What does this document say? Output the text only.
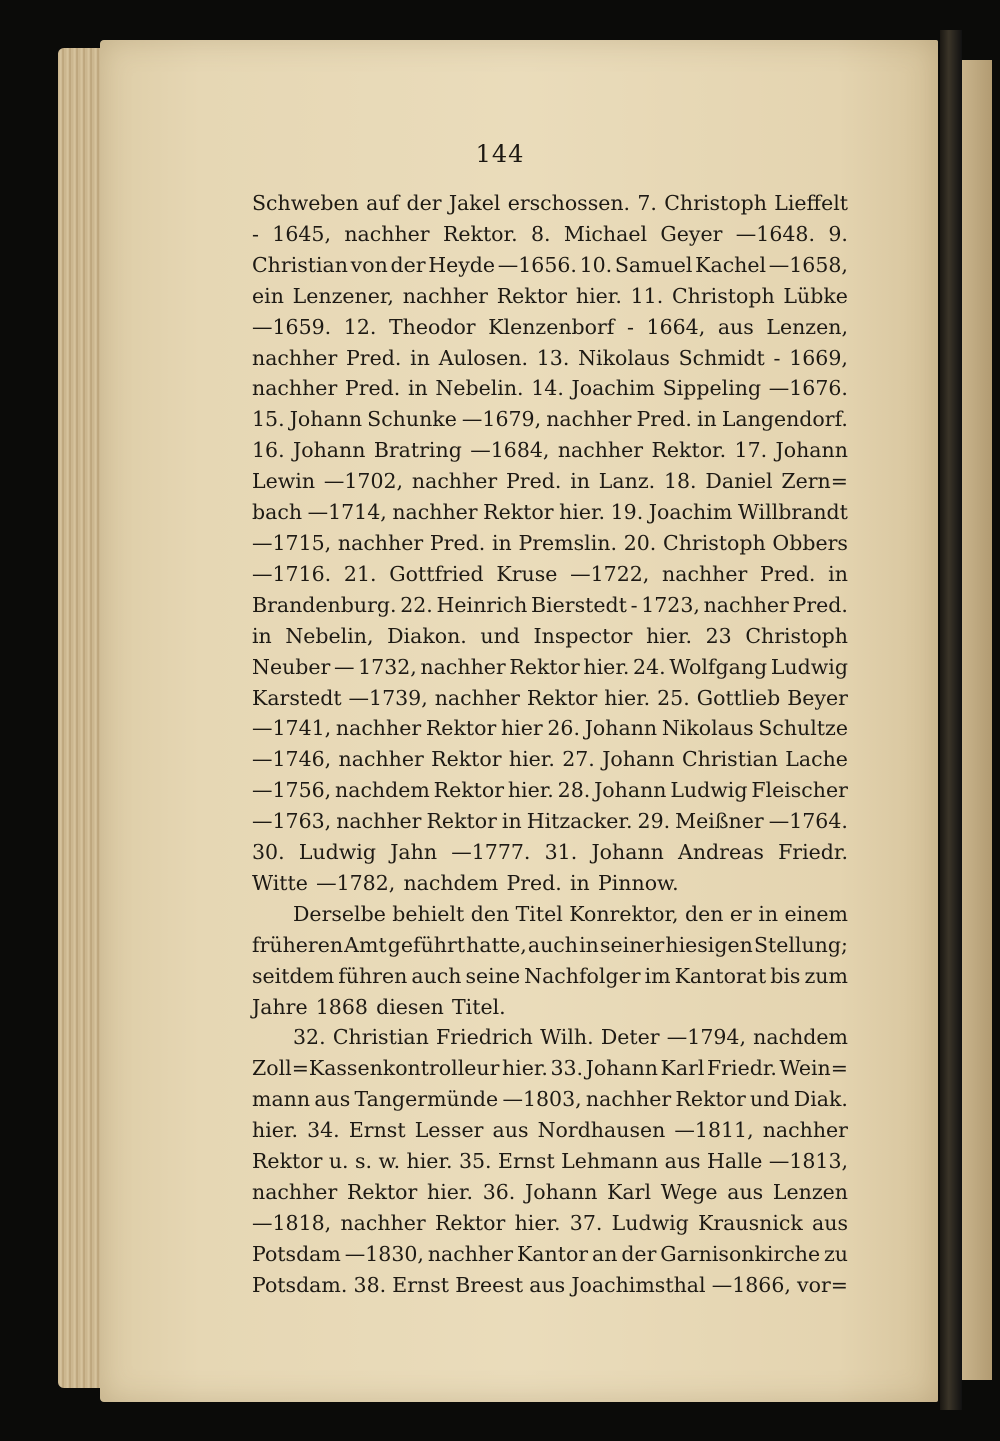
144
Schweben auf der Jakel erschossen. 7. Christoph Lieffelt
- 1645, nachher Rektor. 8. Michael Geyer —1648. 9.
Christian von der Heyde —1656. 10. Samuel Kachel —1658,
ein Lenzener, nachher Rektor hier. 11. Christoph Lübke
—1659. 12. Theodor Klenzenborf - 1664, aus Lenzen,
nachher Pred. in Aulosen. 13. Nikolaus Schmidt - 1669,
nachher Pred. in Nebelin. 14. Joachim Sippeling —1676.
15. Johann Schunke —1679, nachher Pred. in Langendorf.
16. Johann Bratring —1684, nachher Rektor. 17. Johann
Lewin —1702, nachher Pred. in Lanz. 18. Daniel Zern=
bach —1714, nachher Rektor hier. 19. Joachim Willbrandt
—1715, nachher Pred. in Premslin. 20. Christoph Obbers
—1716. 21. Gottfried Kruse —1722, nachher Pred. in
Brandenburg. 22. Heinrich Bierstedt - 1723, nachher Pred.
in Nebelin, Diakon. und Inspector hier. 23 Christoph
Neuber — 1732, nachher Rektor hier. 24. Wolfgang Ludwig
Karstedt —1739, nachher Rektor hier. 25. Gottlieb Beyer
—1741, nachher Rektor hier 26. Johann Nikolaus Schultze
—1746, nachher Rektor hier. 27. Johann Christian Lache
—1756, nachdem Rektor hier. 28. Johann Ludwig Fleischer
—1763, nachher Rektor in Hitzacker. 29. Meißner —1764.
30. Ludwig Jahn —1777. 31. Johann Andreas Friedr.
Witte —1782, nachdem Pred. in Pinnow.
Derselbe behielt den Titel Konrektor, den er in einem
früheren Amt geführt hatte, auch in seiner hiesigen Stellung;
seitdem führen auch seine Nachfolger im Kantorat bis zum
Jahre 1868 diesen Titel.
32. Christian Friedrich Wilh. Deter —1794, nachdem
Zoll=Kassenkontrolleur hier. 33. Johann Karl Friedr. Wein=
mann aus Tangermünde —1803, nachher Rektor und Diak.
hier. 34. Ernst Lesser aus Nordhausen —1811, nachher
Rektor u. s. w. hier. 35. Ernst Lehmann aus Halle —1813,
nachher Rektor hier. 36. Johann Karl Wege aus Lenzen
—1818, nachher Rektor hier. 37. Ludwig Krausnick aus
Potsdam —1830, nachher Kantor an der Garnisonkirche zu
Potsdam. 38. Ernst Breest aus Joachimsthal —1866, vor=
